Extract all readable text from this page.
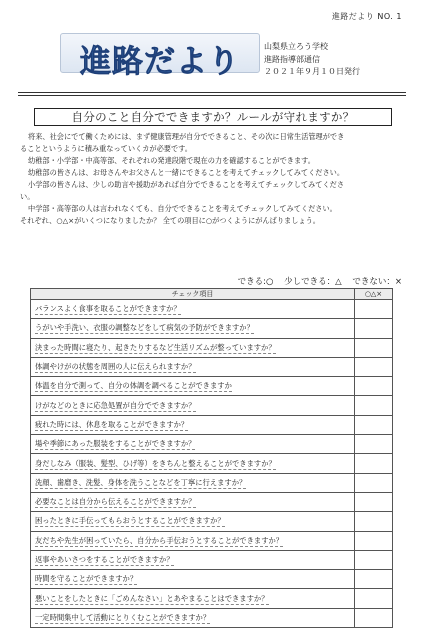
進路だより NO. 1
進路だより	山梨県立ろう学校
進路指導部通信
２０２１年９月１０日発行
自分のこと自分でできますか？ルールが守れますか？

将来、社会にでて働くためには、まず健康管理が自分でできること、その次に日常生活管理ができ

ることというように積み重なっていくカが必要です。

幼稚部・小学部・中高等部、それぞれの発達段階で現在の力を確認することができます。

幼稚部の皆さんは、お母さんやお父さんと一緒にできることを考えてチェックしてみてください。

小学部の皆さんは、少しの助言や援助があれば自分でできることを考えてチェックしてみてくださ

い。

中学部・高等部の人は言われなくても、自分でできることを考えてチェックしてみてください。

それぞれ、○△×がいくつになりましたか？ 全ての項目に○がつくようにがんばりましょう。

できる:○ 少しできる：△ できない：×
チェック項目	○△×
バランスよく食事を取ることができますか？	
うがいや手洗い、衣服の調整などをして病気の予防ができますか？	
決まった時間に寝たり、起きたりするなど生活リズムが整っていますか？	
体調やけがの状態を周囲の人に伝えられますか？	
体温を自分で測って、自分の体調を調べることができますか	
けがなどのときに応急処置が自分でできますか？	
疲れた時には、休息を取ることができますか？	
場や季節にあった服装をすることができますか？	
身だしなみ（服装、髪型、ひげ等）をきちんと整えることができますか？	
洗顔、歯磨き、洗髪、身体を洗うことなどを丁寧に行えますか？	
必要なことは自分から伝えることができますか？	
困ったときに手伝ってもらおうとすることができますか？	
友だちや先生が困っていたら、自分から手伝おうとすることができますか？	
返事やあいさつをすることができますか？	
時間を守ることができますか？	
悪いことをしたときに「ごめんなさい」とあやまることはできますか？	
一定時間集中して活動にとりくむことができますか？	
